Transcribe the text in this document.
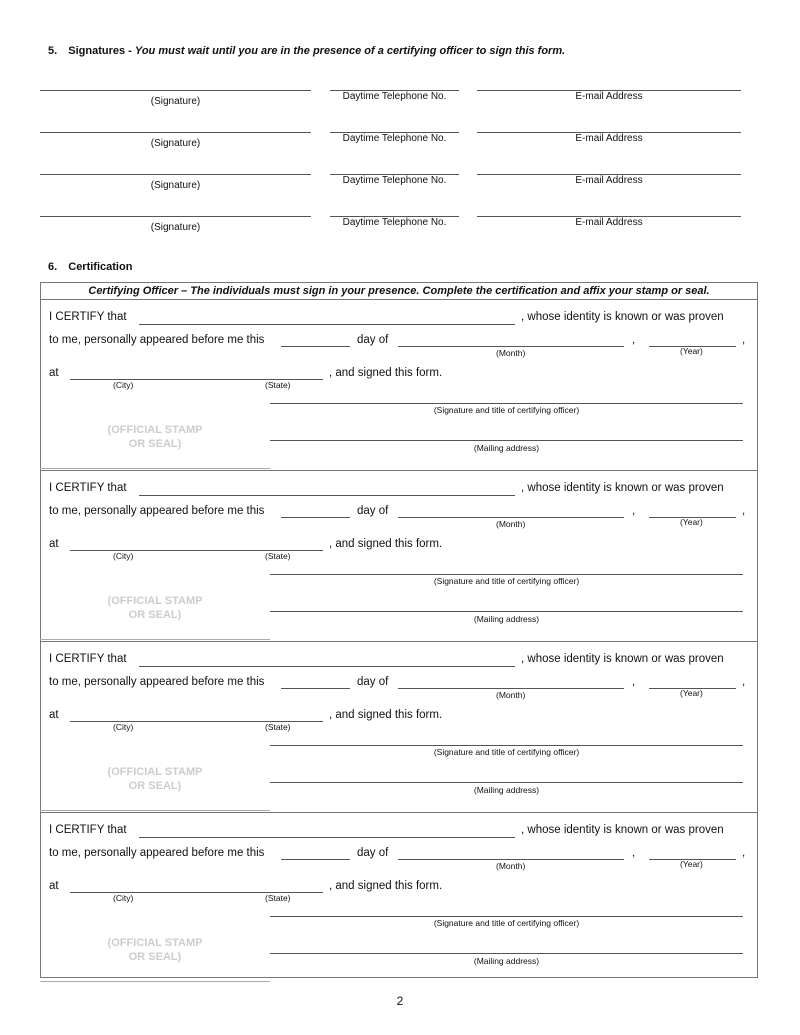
5. Signatures - You must wait until you are in the presence of a certifying officer to sign this form.
(Signature)	Daytime Telephone No.	E-mail Address
(Signature)	Daytime Telephone No.	E-mail Address
(Signature)	Daytime Telephone No.	E-mail Address
(Signature)	Daytime Telephone No.	E-mail Address
6. Certification
Certifying Officer – The individuals must sign in your presence. Complete the certification and affix your stamp or seal.
I CERTIFY that	, whose identity is known or was proven
to me, personally appeared before me this	day of
(Month)
,
(Year)
,
at
(City)	(State)
, and signed this form.
(Signature and title of certifying officer)
(OFFICIAL STAMP
OR SEAL)	(Mailing address)
I CERTIFY that	, whose identity is known or was proven
to me, personally appeared before me this	day of
(Month)
,
(Year)
,
at
(City)	(State)
, and signed this form.
(Signature and title of certifying officer)
(OFFICIAL STAMP
OR SEAL)	(Mailing address)
I CERTIFY that	, whose identity is known or was proven
to me, personally appeared before me this	day of
(Month)
,
(Year)
,
at
(City)	(State)
, and signed this form.
(Signature and title of certifying officer)
(OFFICIAL STAMP
OR SEAL)	(Mailing address)
I CERTIFY that	, whose identity is known or was proven
to me, personally appeared before me this	day of
(Month)
,
(Year)
,
at
(City)	(State)
, and signed this form.
(Signature and title of certifying officer)
(OFFICIAL STAMP
OR SEAL)	(Mailing address)
2
